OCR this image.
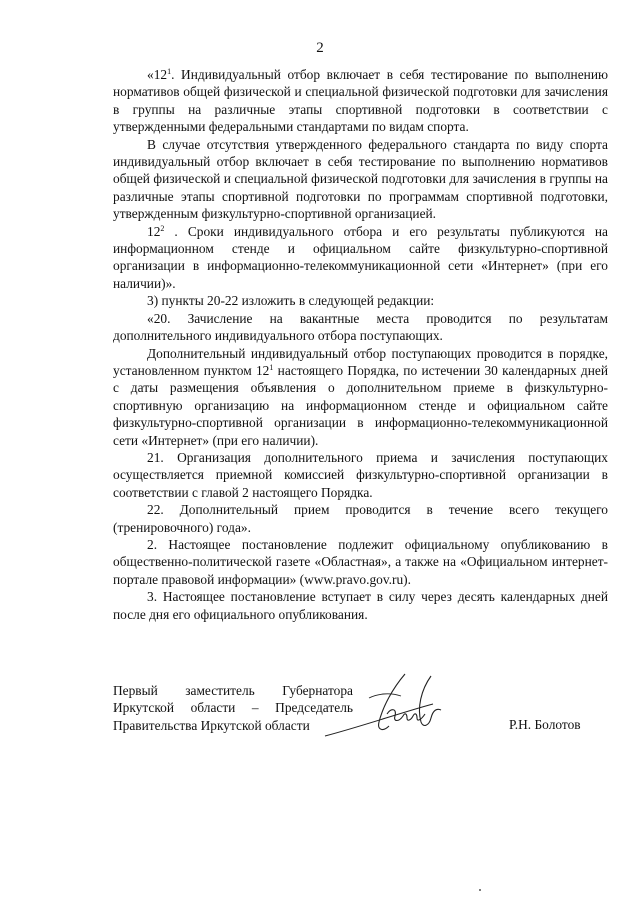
2

«$12^1$. Индивидуальный отбор включает в себя тестирование по выполнению нормативов общей физической и специальной физической подготовки для зачисления в группы на различные этапы спортивной подготовки в соответствии с утвержденными федеральными стандартами по видам спорта.

В случае отсутствия утвержденного федерального стандарта по виду спорта индивидуальный отбор включает в себя тестирование по выполнению нормативов общей физической и специальной физической подготовки для зачисления в группы на различные этапы спортивной подготовки по программам спортивной подготовки, утвержденным физкультурно-спортивной организацией.

$12^2$ . Сроки индивидуального отбора и его результаты публикуются на информационном стенде и официальном сайте физкультурно-спортивной организации в информационно-телекоммуникационной сети «Интернет» (при его наличии)».

3) пункты 20-22 изложить в следующей редакции:

«20. Зачисление на вакантные места проводится по результатам дополнительного индивидуального отбора поступающих.

Дополнительный индивидуальный отбор поступающих проводится в порядке, установленном пунктом $12^1$ настоящего Порядка, по истечении 30 календарных дней с даты размещения объявления о дополнительном приеме в физкультурно-спортивную организацию на информационном стенде и официальном сайте физкультурно-спортивной организации в информационно-телекоммуникационной сети «Интернет» (при его наличии).

21. Организация дополнительного приема и зачисления поступающих осуществляется приемной комиссией физкультурно-спортивной организации в соответствии с главой 2 настоящего Порядка.

22. Дополнительный прием проводится в течение всего текущего (тренировочного) года».

2. Настоящее постановление подлежит официальному опубликованию в общественно-политической газете «Областная», а также на «Официальном интернет-портале правовой информации» (www.pravo.gov.ru).

3. Настоящее постановление вступает в силу через десять календарных дней после дня его официального опубликования.

Первый заместитель Губернатора
Иркутской области – Председатель
Правительства Иркутской области	Р.Н. Болотов
